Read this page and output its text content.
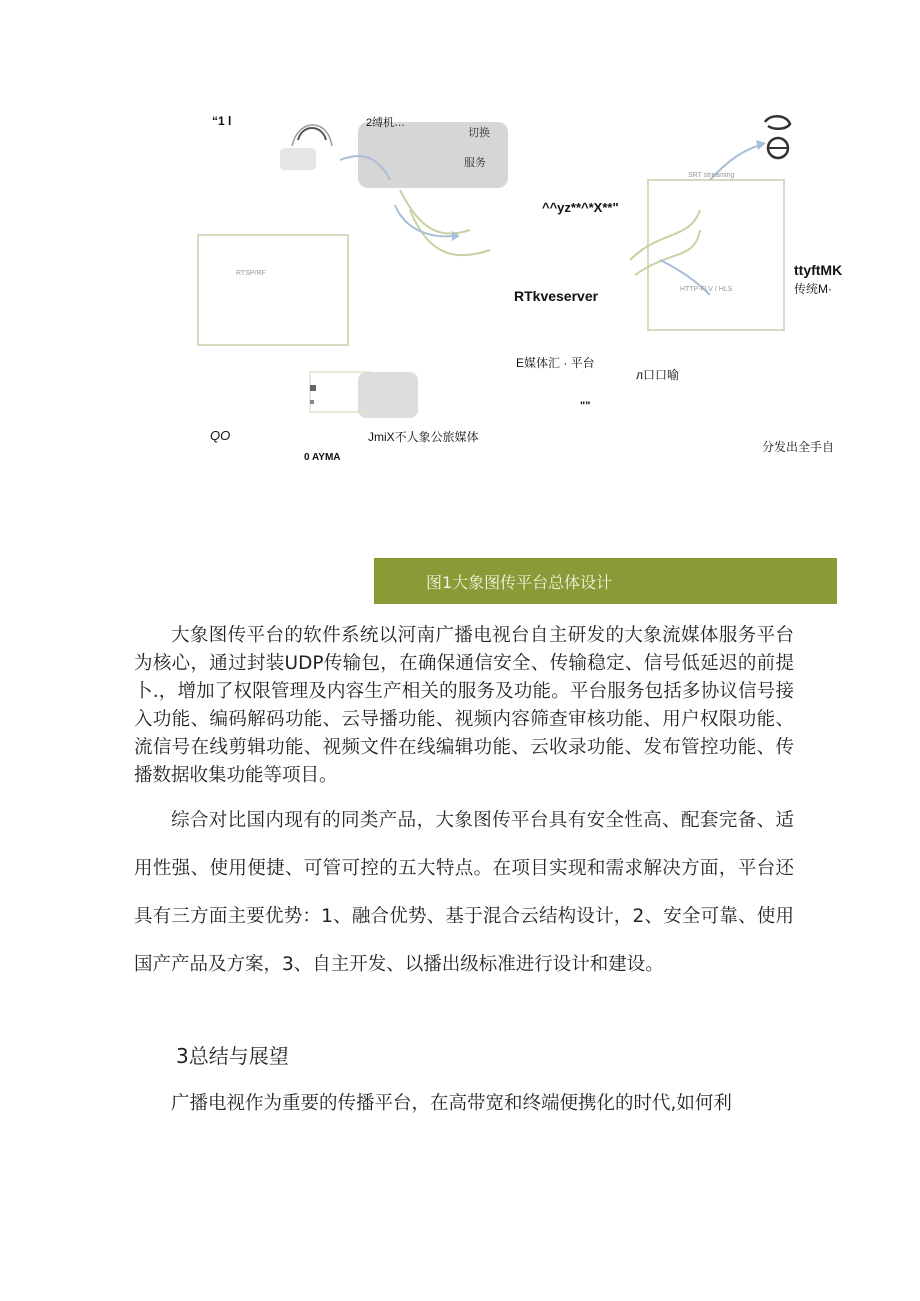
“1 l	2缚机…
切换
服务
^^yz**^*X**"
SRT streaming
RTkveserver
RTSP/RF
HTTP-FLV / HLS
ttyftMK
传统M·
E媒体汇 · 平台
л口口喻
""
QO	JmiX不人象公旅媒体
0 AYMA
分发出全手自
图1大象图传平台总体设计

大象图传平台的软件系统以河南广播电视台自主研发的大象流媒体服务平台为核心，通过封装UDP传输包，在确保通信安全、传输稳定、信号低延迟的前提卜.，增加了权限管理及内容生产相关的服务及功能。平台服务包括多协议信号接入功能、编码解码功能、云导播功能、视频内容筛查审核功能、用户权限功能、流信号在线剪辑功能、视频文件在线编辑功能、云收录功能、发布管控功能、传播数据收集功能等项目。

综合对比国内现有的同类产品，大象图传平台具有安全性高、配套完备、适用性强、使用便捷、可管可控的五大特点。在项目实现和需求解决方面，平台还具有三方面主要优势：1、融合优势、基于混合云结构设计，2、安全可靠、使用国产产品及方案，3、自主开发、以播出级标准进行设计和建设。

3总结与展望

广播电视作为重要的传播平台，在高带宽和终端便携化的时代,如何利
